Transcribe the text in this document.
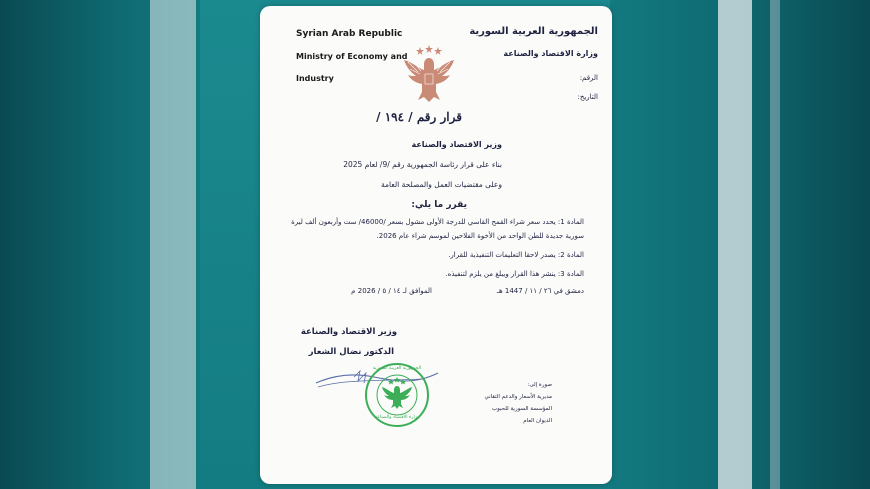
Syrian Arab Republic
Ministry of Economy and
Industry
الجمهورية العربية السورية
وزارة الاقتصاد والصناعة
الرقم:
التاريخ:
قرار رقم / ١٩٤ /
وزير الاقتصاد والصناعة
بناء على قرار رئاسة الجمهورية رقم /9/ لعام 2025
وعلى مقتضيات العمل والمصلحة العامة
يقرر ما يلي:
المادة 1: يحدد سعر شراء القمح القاسي للدرجة الأولى مشول بسعر /46000/ ست وأربعون ألف ليرة
سورية جديدة للطن الواحد من الأخوة الفلاحين لموسم شراء عام 2026.
المادة 2: يصدر لاحقا التعليمات التنفيذية للقرار.
المادة 3: ينشر هذا القرار ويبلغ من يلزم لتنفيذه.
دمشق في ٢٦ / ١١ / 1447 هـ
الموافق لـ ١٤ / ٥ / 2026 م
وزير الاقتصاد والصناعة
الدكتور نضال الشعار
الجمهورية العربية السورية
وزارة الاقتصاد والصناعة
صورة إلى:
مديرية الأسعار والدعم التقاني
المؤسسة السورية للحبوب
الديوان العام
